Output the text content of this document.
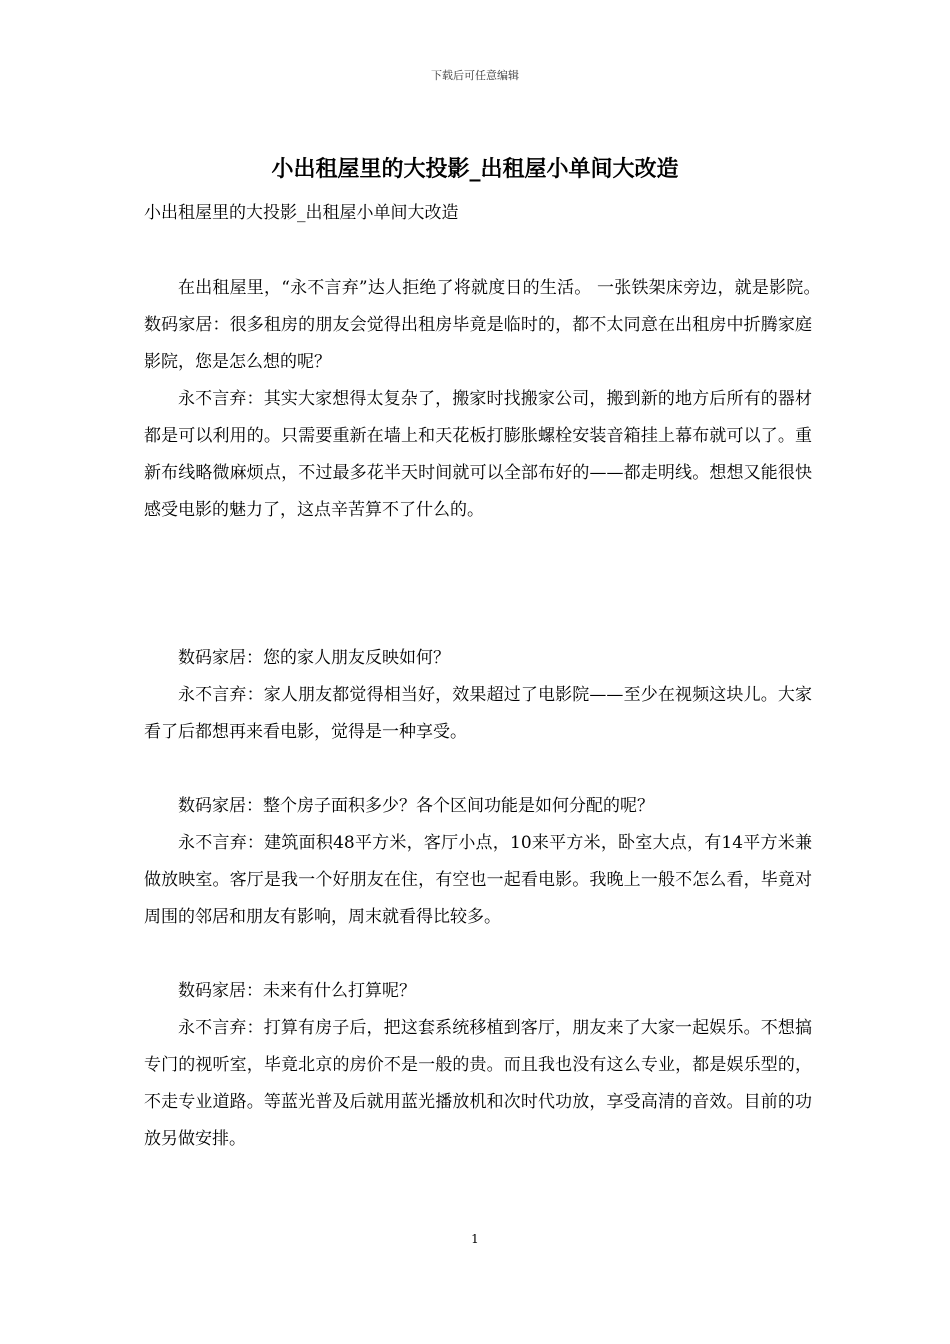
下载后可任意编辑
小出租屋里的大投影_出租屋小单间大改造

小出租屋里的大投影_出租屋小单间大改造

在出租屋里，“永不言弃”达人拒绝了将就度日的生活。 一张铁架床旁边，就是影院。　数码家居：很多租房的朋友会觉得出租房毕竟是临时的，都不太同意在出租房中折腾家庭影院，您是怎么想的呢？

永不言弃：其实大家想得太复杂了，搬家时找搬家公司，搬到新的地方后所有的器材都是可以利用的。只需要重新在墙上和天花板打膨胀螺栓安装音箱挂上幕布就可以了。重新布线略微麻烦点，不过最多花半天时间就可以全部布好的——都走明线。想想又能很快感受电影的魅力了，这点辛苦算不了什么的。

数码家居：您的家人朋友反映如何？

永不言弃：家人朋友都觉得相当好，效果超过了电影院——至少在视频这块儿。大家看了后都想再来看电影，觉得是一种享受。

数码家居：整个房子面积多少？各个区间功能是如何分配的呢？

永不言弃：建筑面积48平方米，客厅小点，10来平方米，卧室大点，有14平方米兼做放映室。客厅是我一个好朋友在住，有空也一起看电影。我晚上一般不怎么看，毕竟对周围的邻居和朋友有影响，周末就看得比较多。

数码家居：未来有什么打算呢？

永不言弃：打算有房子后，把这套系统移植到客厅，朋友来了大家一起娱乐。不想搞专门的视听室，毕竟北京的房价不是一般的贵。而且我也没有这么专业，都是娱乐型的，不走专业道路。等蓝光普及后就用蓝光播放机和次时代功放，享受高清的音效。目前的功放另做安排。

1
